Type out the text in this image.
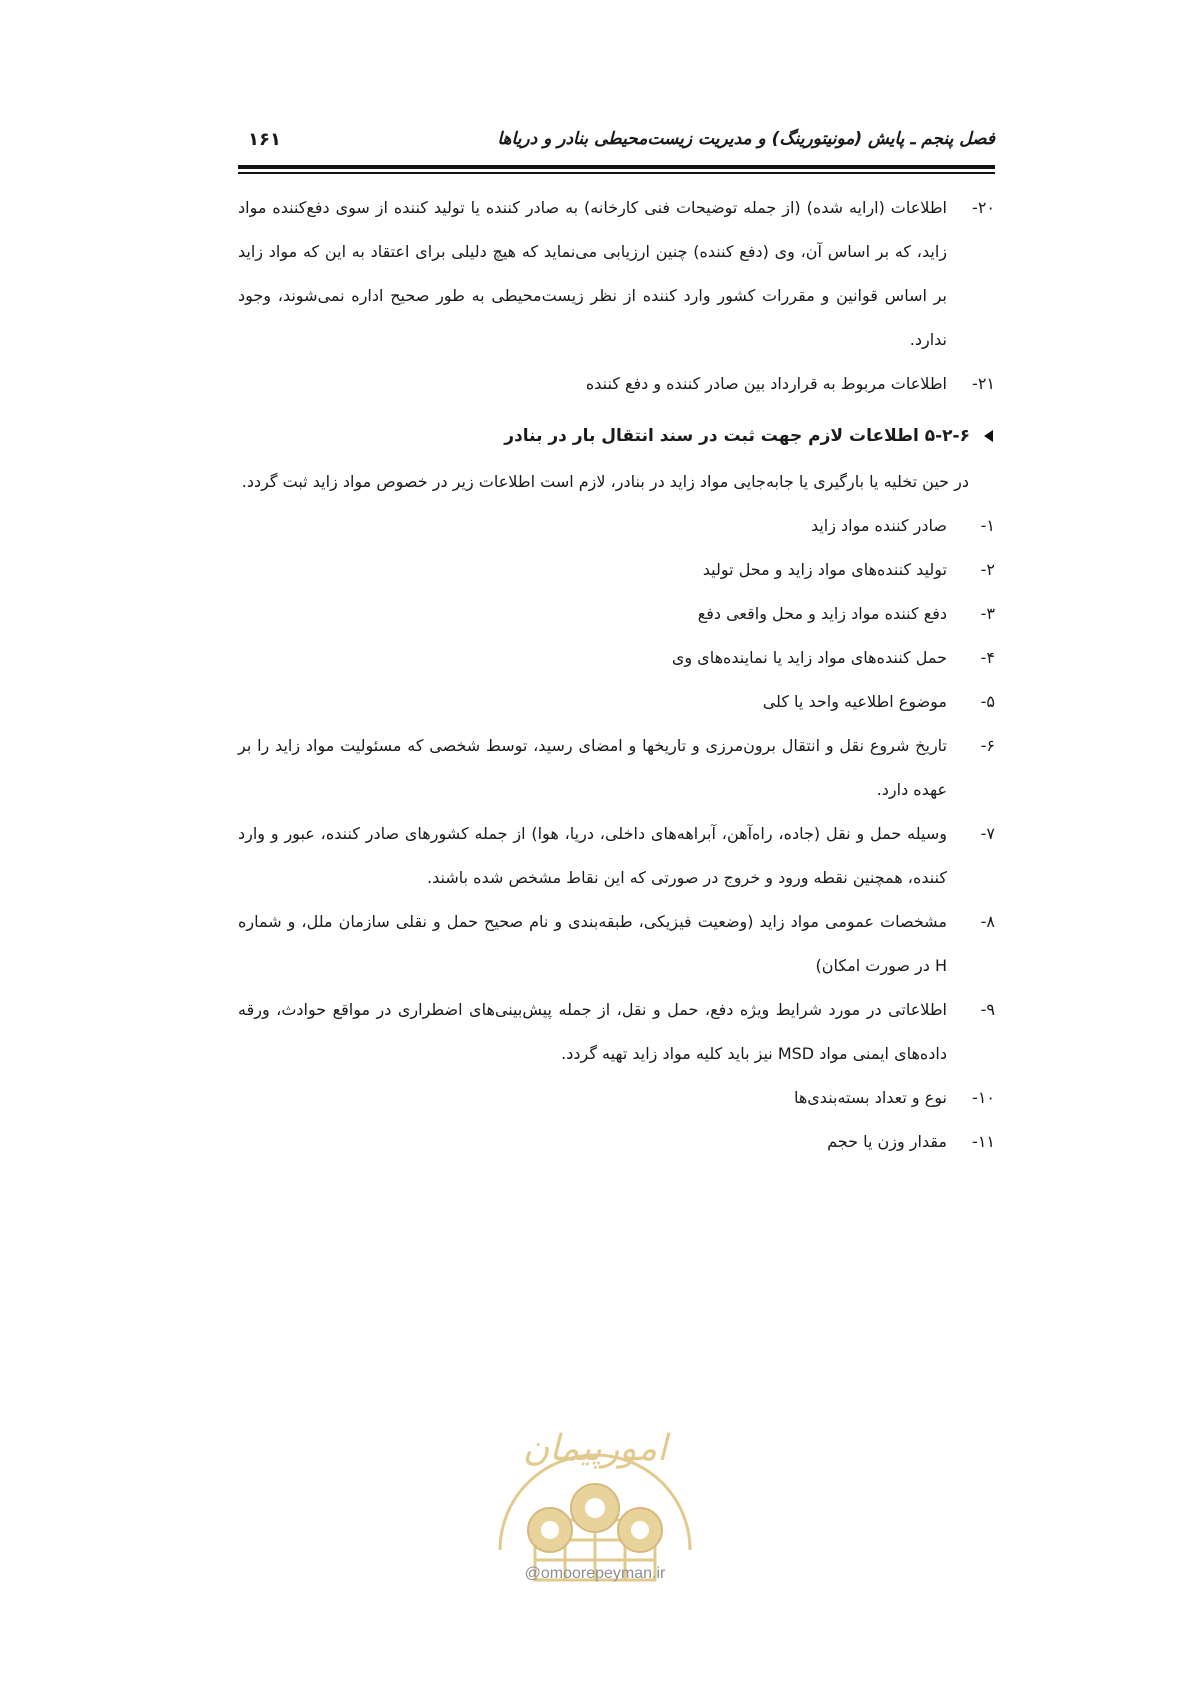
فصل پنجم ـ پایش (مونیتورینگ) و مدیریت زیست‌محیطی بنادر و دریاها
۱۶۱
۲۰-
اطلاعات (ارایه شده) (از جمله توضیحات فنی کارخانه) به صادر کننده یا تولید کننده از سوی دفع‌کننده مواد زاید، که بر اساس آن، وی (دفع کننده) چنین ارزیابی می‌نماید که هیچ دلیلی برای اعتقاد به این که مواد زاید بر اساس قوانین و مقررات کشور وارد کننده از نظر زیست‌محیطی به طور صحیح اداره نمی‌شوند، وجود ندارد.
۲۱-
اطلاعات مربوط به قرارداد بین صادر کننده و دفع کننده
۵-۲-۶ اطلاعات لازم جهت ثبت در سند انتقال بار در بنادر
در حین تخلیه یا بارگیری یا جابه‌جایی مواد زاید در بنادر، لازم است اطلاعات زیر در خصوص مواد زاید ثبت گردد.
۱-
صادر کننده مواد زاید
۲-
تولید کننده‌های مواد زاید و محل تولید
۳-
دفع کننده مواد زاید و محل واقعی دفع
۴-
حمل کننده‌های مواد زاید یا نماینده‌های وی
۵-
موضوع اطلاعیه واحد یا کلی
۶-
تاریخ شروع نقل و انتقال برون‌مرزی و تاریخها و امضای رسید، توسط شخصی که مسئولیت مواد زاید را بر عهده دارد.
۷-
وسیله حمل و نقل (جاده، راه‌آهن، آبراهه‌های داخلی، دریا، هوا) از جمله کشورهای صادر کننده، عبور و وارد کننده، همچنین نقطه ورود و خروج در صورتی که این نقاط مشخص شده باشند.
۸-
مشخصات عمومی مواد زاید (وضعیت فیزیکی، طبقه‌بندی و نام صحیح حمل و نقلی سازمان ملل، و شماره H در صورت امکان)
۹-
اطلاعاتی در مورد شرایط ویژه دفع، حمل و نقل، از جمله پیش‌بینی‌های اضطراری در مواقع حوادث، ورقه داده‌های ایمنی مواد MSD نیز باید کلیه مواد زاید تهیه گردد.
۱۰-
نوع و تعداد بسته‌بندی‌ها
۱۱-
مقدار وزن یا حجم
امورپیمان
@omoorepeyman.ir
